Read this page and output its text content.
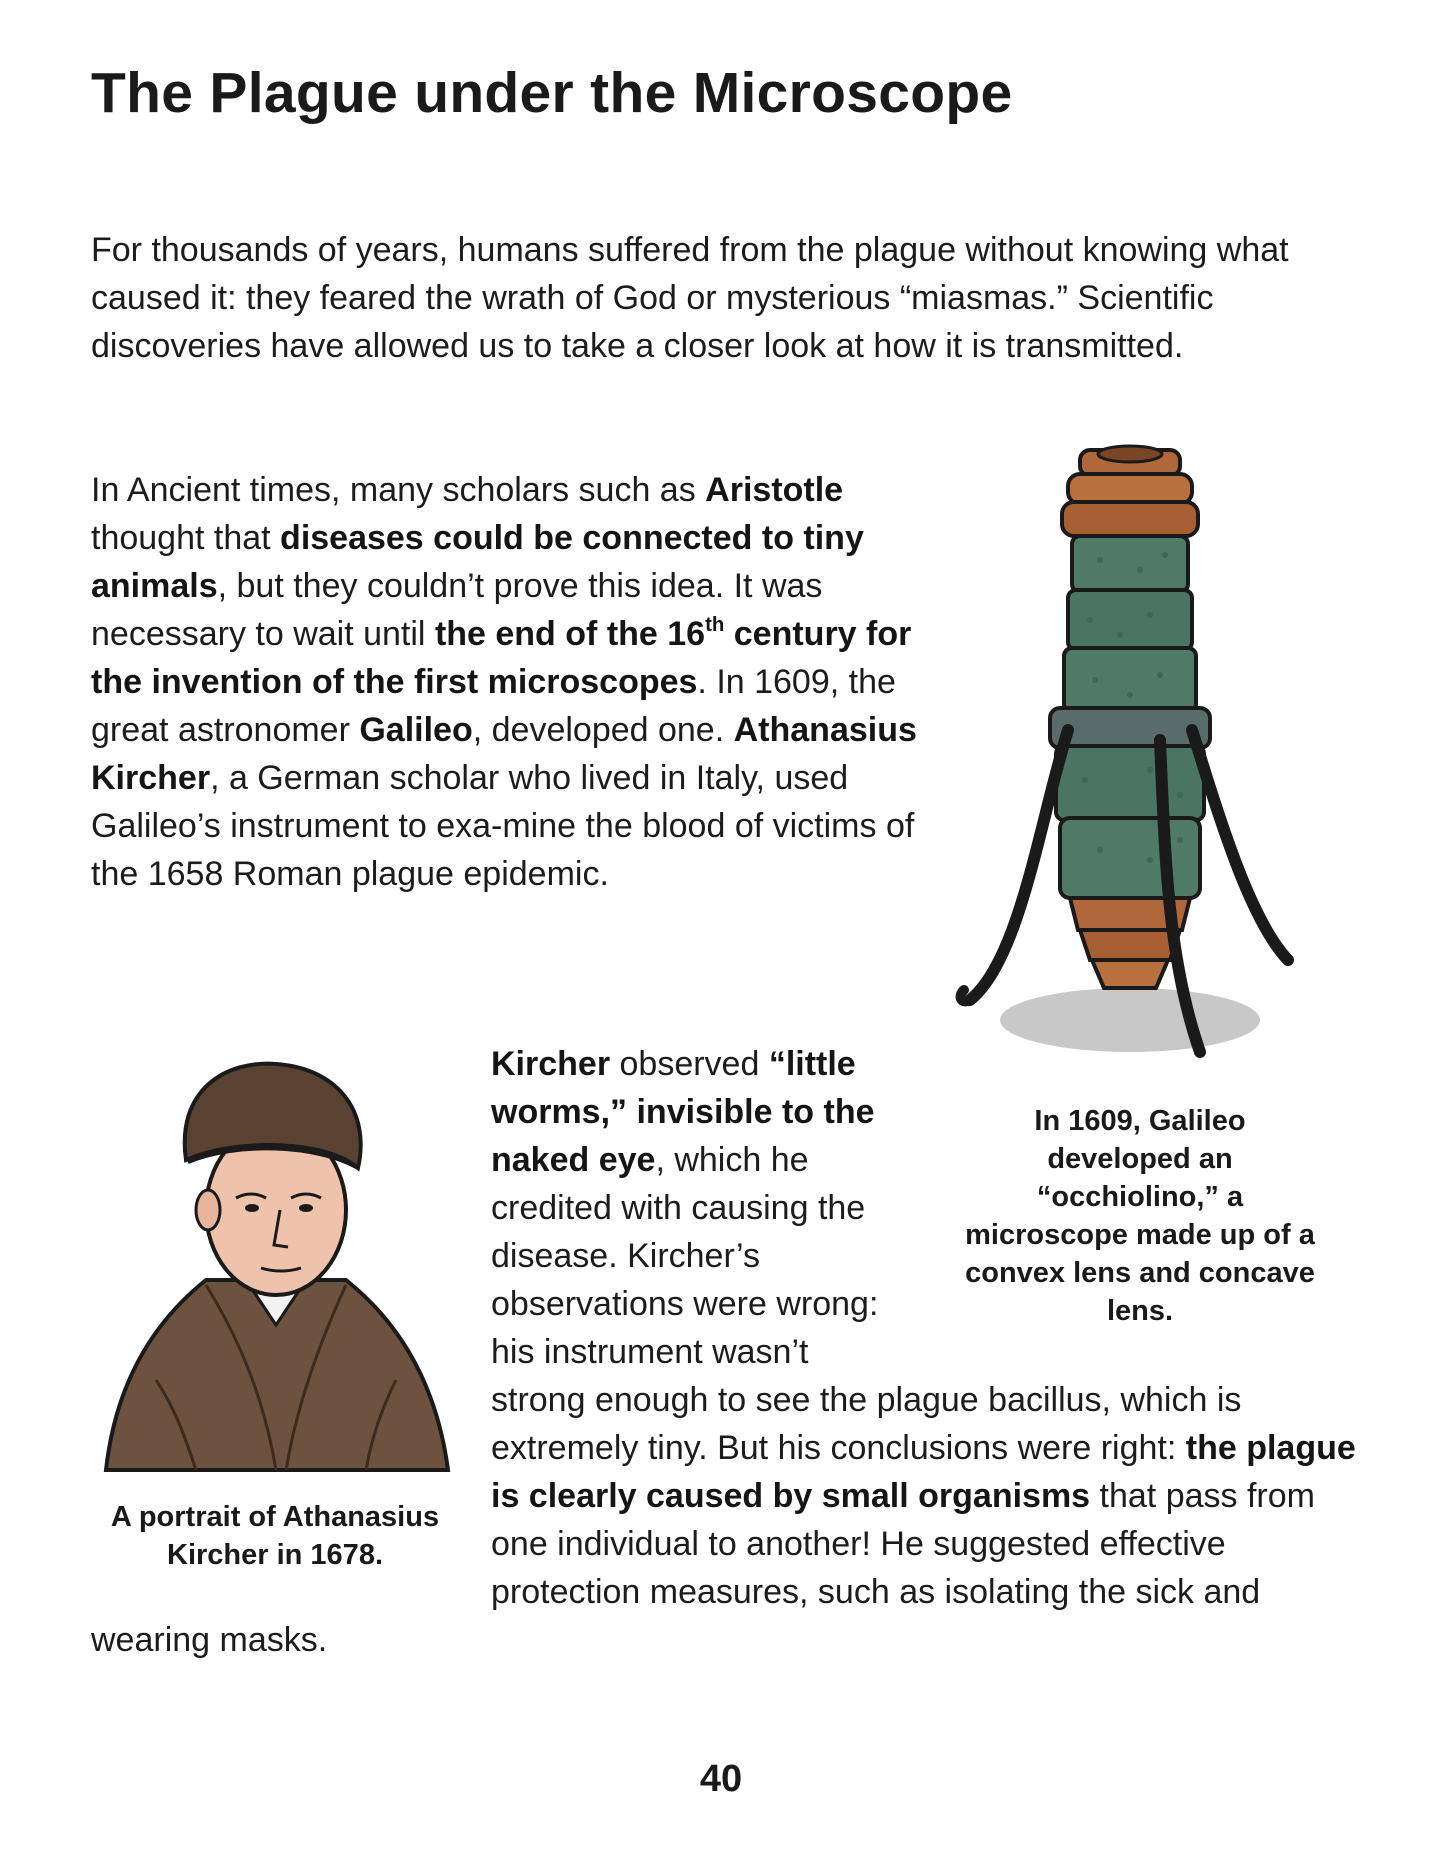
The Plague under the Microscope

For thousands of years, humans suffered from the plague without knowing what caused it: they feared the wrath of God or mysterious “miasmas.” Scientific discoveries have allowed us to take a closer look at how it is transmitted.

In Ancient times, many scholars such as Aristotle thought that diseases could be connected to tiny animals, but they couldn’t prove this idea. It was necessary to wait until the end of the 16th century for the invention of the first microscopes. In 1609, the great astronomer Galileo, developed one. Athanasius Kircher, a German scholar who lived in Italy, used Galileo’s instrument to exa-mine the blood of victims of the 1658 Roman plague epidemic.

Kircher observed “little worms,” invisible to the naked eye, which he credited with causing the disease. Kircher’s observations were wrong: his instrument wasn’t strong enough to see the plague bacillus, which is extremely tiny. But his conclusions were right: the plague is clearly caused by small organisms that pass from one individual to another! He suggested effective protection measures, such as isolating the sick and wearing masks.

In 1609, Galileo developed an “occhiolino,” a microscope made up of a convex lens and concave lens.

A portrait of Athanasius Kircher in 1678.

40
